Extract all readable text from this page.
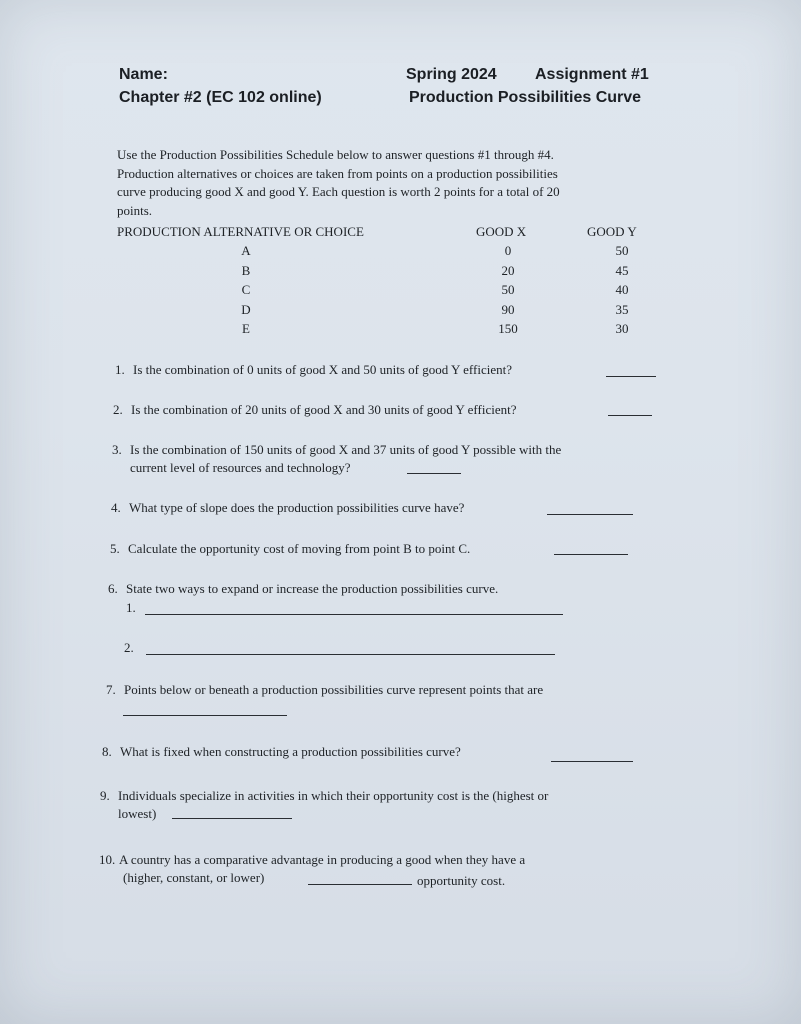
Name:
Chapter #2 (EC 102 online)
Spring 2024 Assignment #1
Production Possibilities Curve

Use the Production Possibilities Schedule below to answer questions #1 through #4.

Production alternatives or choices are taken from points on a production possibilities

curve producing good X and good Y. Each question is worth 2 points for a total of 20

points.

PRODUCTION ALTERNATIVE OR CHOICE	GOOD X	GOOD Y
A	0	50
B	20	45
C	50	40
D	90	35
E	150	30
1. Is the combination of 0 units of good X and 50 units of good Y efficient?
2. Is the combination of 20 units of good X and 30 units of good Y efficient?
3. Is the combination of 150 units of good X and 37 units of good Y possible with the
current level of resources and technology?
4. What type of slope does the production possibilities curve have?
5. Calculate the opportunity cost of moving from point B to point C.
6. State two ways to expand or increase the production possibilities curve.
1.
2.
7. Points below or beneath a production possibilities curve represent points that are
8. What is fixed when constructing a production possibilities curve?
9. Individuals specialize in activities in which their opportunity cost is the (highest or
lowest)
10. A country has a comparative advantage in producing a good when they have a
(higher, constant, or lower)	opportunity cost.
